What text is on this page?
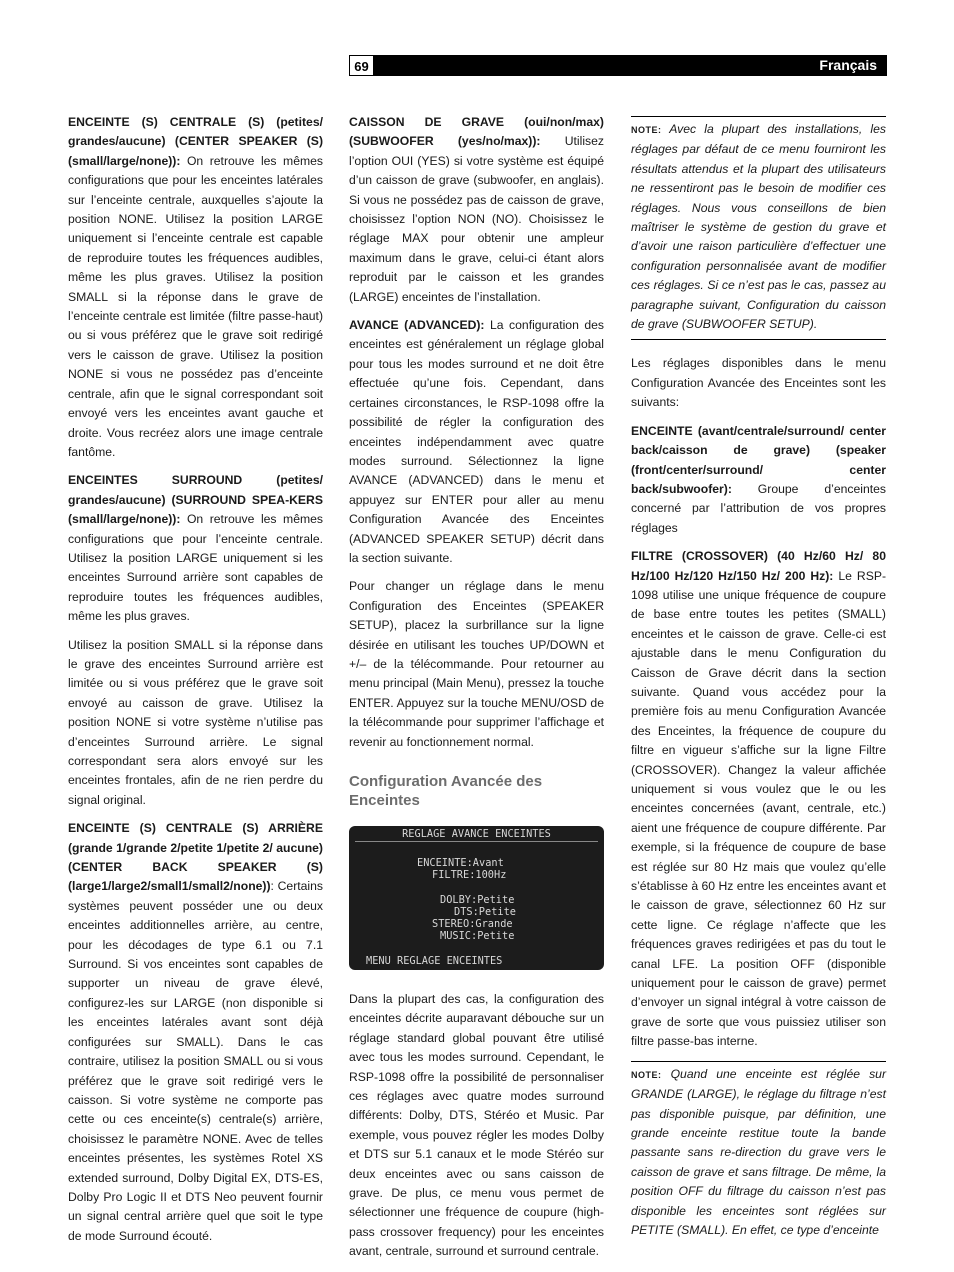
69	Français

ENCEINTE (S) CENTRALE (S) (petites/ grandes/aucune) (CENTER SPEAKER (S) (small/large/none)): On retrouve les mêmes configurations que pour les enceintes latérales sur l’enceinte centrale, auxquelles s’ajoute la position NONE. Utilisez la position LARGE uniquement si l’enceinte centrale est capable de reproduire toutes les fréquences audibles, même les plus graves. Utilisez la position SMALL si la réponse dans le grave de l’enceinte centrale est limitée (filtre passe-haut) ou si vous préférez que le grave soit redirigé vers le caisson de grave. Utilisez la position NONE si vous ne possédez pas d’enceinte centrale, afin que le signal correspondant soit envoyé vers les enceintes avant gauche et droite. Vous recréez alors une image centrale fantôme.

ENCEINTES SURROUND (petites/ grandes/aucune) (SURROUND SPEA-KERS (small/large/none)): On retrouve les mêmes configurations que pour l’enceinte centrale. Utilisez la position LARGE uniquement si les enceintes Surround arrière sont capables de reproduire toutes les fréquences audibles, même les plus graves.

Utilisez la position SMALL si la réponse dans le grave des enceintes Surround arrière est limitée ou si vous préférez que le grave soit envoyé au caisson de grave. Utilisez la position NONE si votre système n’utilise pas d’enceintes Surround arrière. Le signal correspondant sera alors envoyé sur les enceintes frontales, afin de ne rien perdre du signal original.

ENCEINTE (S) CENTRALE (S) ARRIÈRE (grande 1/grande 2/petite 1/petite 2/ aucune) (CENTER BACK SPEAKER (S) (large1/large2/small1/small2/none)): Certains systèmes peuvent posséder une ou deux enceintes additionnelles arrière, au centre, pour les décodages de type 6.1 ou 7.1 Surround. Si vos enceintes sont capables de supporter un niveau de grave élevé, configurez-les sur LARGE (non disponible si les enceintes latérales avant sont déjà configurées sur SMALL). Dans le cas contraire, utilisez la position SMALL ou si vous préférez que le grave soit redirigé vers le caisson. Si votre système ne comporte pas cette ou ces enceinte(s) centrale(s) arrière, choisissez le paramètre NONE. Avec de telles enceintes présentes, les systèmes Rotel XS extended surround, Dolby Digital EX, DTS-ES, Dolby Pro Logic II et DTS Neo peuvent fournir un signal central arrière quel que soit le type de mode Surround écouté.

CAISSON DE GRAVE (oui/non/max) (SUBWOOFER (yes/no/max)): Utilisez l’option OUI (YES) si votre système est équipé d’un caisson de grave (subwoofer, en anglais). Si vous ne possédez pas de caisson de grave, choisissez l’option NON (NO). Choisissez le réglage MAX pour obtenir une ampleur maximum dans le grave, celui-ci étant alors reproduit par le caisson et les grandes (LARGE) enceintes de l’installation.

AVANCE (ADVANCED): La configuration des enceintes est généralement un réglage global pour tous les modes surround et ne doit être effectuée qu’une fois. Cependant, dans certaines circonstances, le RSP-1098 offre la possibilité de régler la configuration des enceintes indépendamment avec quatre modes surround. Sélectionnez la ligne AVANCE (ADVANCED) dans le menu et appuyez sur ENTER pour aller au menu Configuration Avancée des Enceintes (ADVANCED SPEAKER SETUP) décrit dans la section suivante.

Pour changer un réglage dans le menu Configuration des Enceintes (SPEAKER SETUP), placez la surbrillance sur la ligne désirée en utilisant les touches UP/DOWN et +/– de la télécommande. Pour retourner au menu principal (Main Menu), pressez la touche ENTER. Appuyez sur la touche MENU/OSD de la télécommande pour supprimer l’affichage et revenir au fonctionnement normal.

Configuration Avancée des Enceintes
REGLAGE AVANCE ENCEINTES
ENCEINTE:Avant
FILTRE:100Hz
DOLBY:Petite
DTS:Petite
STEREO:Grande
MUSIC:Petite
MENU REGLAGE ENCEINTES

Dans la plupart des cas, la configuration des enceintes décrite auparavant débouche sur un réglage standard global pouvant être utilisé avec tous les modes surround. Cependant, le RSP-1098 offre la possibilité de personnaliser ces réglages avec quatre modes surround différents: Dolby, DTS, Stéréo et Music. Par exemple, vous pouvez régler les modes Dolby et DTS sur 5.1 canaux et le mode Stéréo sur deux enceintes avec ou sans caisson de grave. De plus, ce menu vous permet de sélectionner une fréquence de coupure (high-pass crossover frequency) pour les enceintes avant, centrale, surround et surround centrale.

NOTE: Avec la plupart des installations, les réglages par défaut de ce menu fourniront les résultats attendus et la plupart des utilisateurs ne ressentiront pas le besoin de modifier ces réglages. Nous vous conseillons de bien maîtriser le système de gestion du grave et d’avoir une raison particulière d’effectuer une configuration personnalisée avant de modifier ces réglages. Si ce n’est pas le cas, passez au paragraphe suivant, Configuration du caisson de grave (SUBWOOFER SETUP).

Les réglages disponibles dans le menu Configuration Avancée des Enceintes sont les suivants:

ENCEINTE (avant/centrale/surround/ center back/caisson de grave) (speaker (front/center/surround/ center back/subwoofer): Groupe d’enceintes concerné par l’attribution de vos propres réglages

FILTRE (CROSSOVER) (40 Hz/60 Hz/ 80 Hz/100 Hz/120 Hz/150 Hz/ 200 Hz): Le RSP-1098 utilise une unique fréquence de coupure de base entre toutes les petites (SMALL) enceintes et le caisson de grave. Celle-ci est ajustable dans le menu Configuration du Caisson de Grave décrit dans la section suivante. Quand vous accédez pour la première fois au menu Configuration Avancée des Enceintes, la fréquence de coupure du filtre en vigueur s’affiche sur la ligne Filtre (CROSSOVER). Changez la valeur affichée uniquement si vous voulez que le ou les enceintes concernées (avant, centrale, etc.) aient une fréquence de coupure différente. Par exemple, si la fréquence de coupure de base est réglée sur 80 Hz mais que voulez qu’elle s’établisse à 60 Hz entre les enceintes avant et le caisson de grave, sélectionnez 60 Hz sur cette ligne. Ce réglage n’affecte que les fréquences graves redirigées et pas du tout le canal LFE. La position OFF (disponible uniquement pour le caisson de grave) permet d’envoyer un signal intégral à votre caisson de grave de sorte que vous puissiez utiliser son filtre passe-bas interne.

NOTE: Quand une enceinte est réglée sur GRANDE (LARGE), le réglage du filtrage n’est pas disponible puisque, par définition, une grande enceinte restitue toute la bande passante sans re-direction du grave vers le caisson de grave et sans filtrage. De même, la position OFF du filtrage du caisson n’est pas disponible les enceintes sont réglées sur PETITE (SMALL). En effet, ce type d’enceinte
